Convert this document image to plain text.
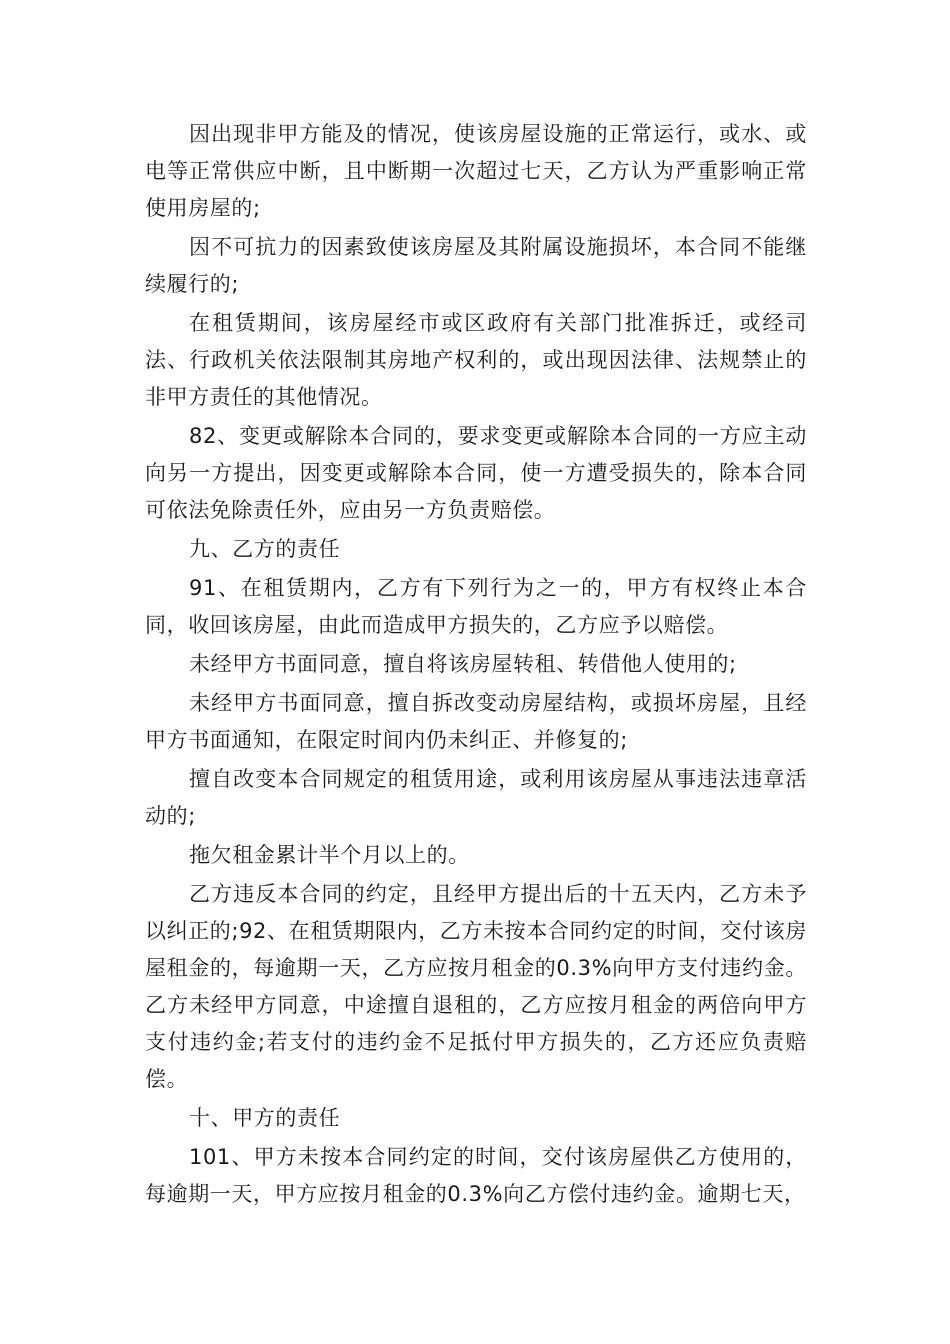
因出现非甲方能及的情况，使该房屋设施的正常运行，或水、或电等正常供应中断，且中断期一次超过七天，乙方认为严重影响正常使用房屋的;

因不可抗力的因素致使该房屋及其附属设施损坏，本合同不能继续履行的;

在租赁期间，该房屋经市或区政府有关部门批准拆迁，或经司法、行政机关依法限制其房地产权利的，或出现因法律、法规禁止的非甲方责任的其他情况。

82、变更或解除本合同的，要求变更或解除本合同的一方应主动向另一方提出，因变更或解除本合同，使一方遭受损失的，除本合同可依法免除责任外，应由另一方负责赔偿。

九、乙方的责任

91、在租赁期内，乙方有下列行为之一的，甲方有权终止本合同，收回该房屋，由此而造成甲方损失的，乙方应予以赔偿。

未经甲方书面同意，擅自将该房屋转租、转借他人使用的;

未经甲方书面同意，擅自拆改变动房屋结构，或损坏房屋，且经甲方书面通知，在限定时间内仍未纠正、并修复的;

擅自改变本合同规定的租赁用途，或利用该房屋从事违法违章活动的;

拖欠租金累计半个月以上的。

乙方违反本合同的约定，且经甲方提出后的十五天内，乙方未予以纠正的;92、在租赁期限内，乙方未按本合同约定的时间，交付该房屋租金的，每逾期一天，乙方应按月租金的0.3%向甲方支付违约金。乙方未经甲方同意，中途擅自退租的，乙方应按月租金的两倍向甲方支付违约金;若支付的违约金不足抵付甲方损失的，乙方还应负责赔偿。

十、甲方的责任

101、甲方未按本合同约定的时间，交付该房屋供乙方使用的，每逾期一天，甲方应按月租金的0.3%向乙方偿付违约金。逾期七天，
